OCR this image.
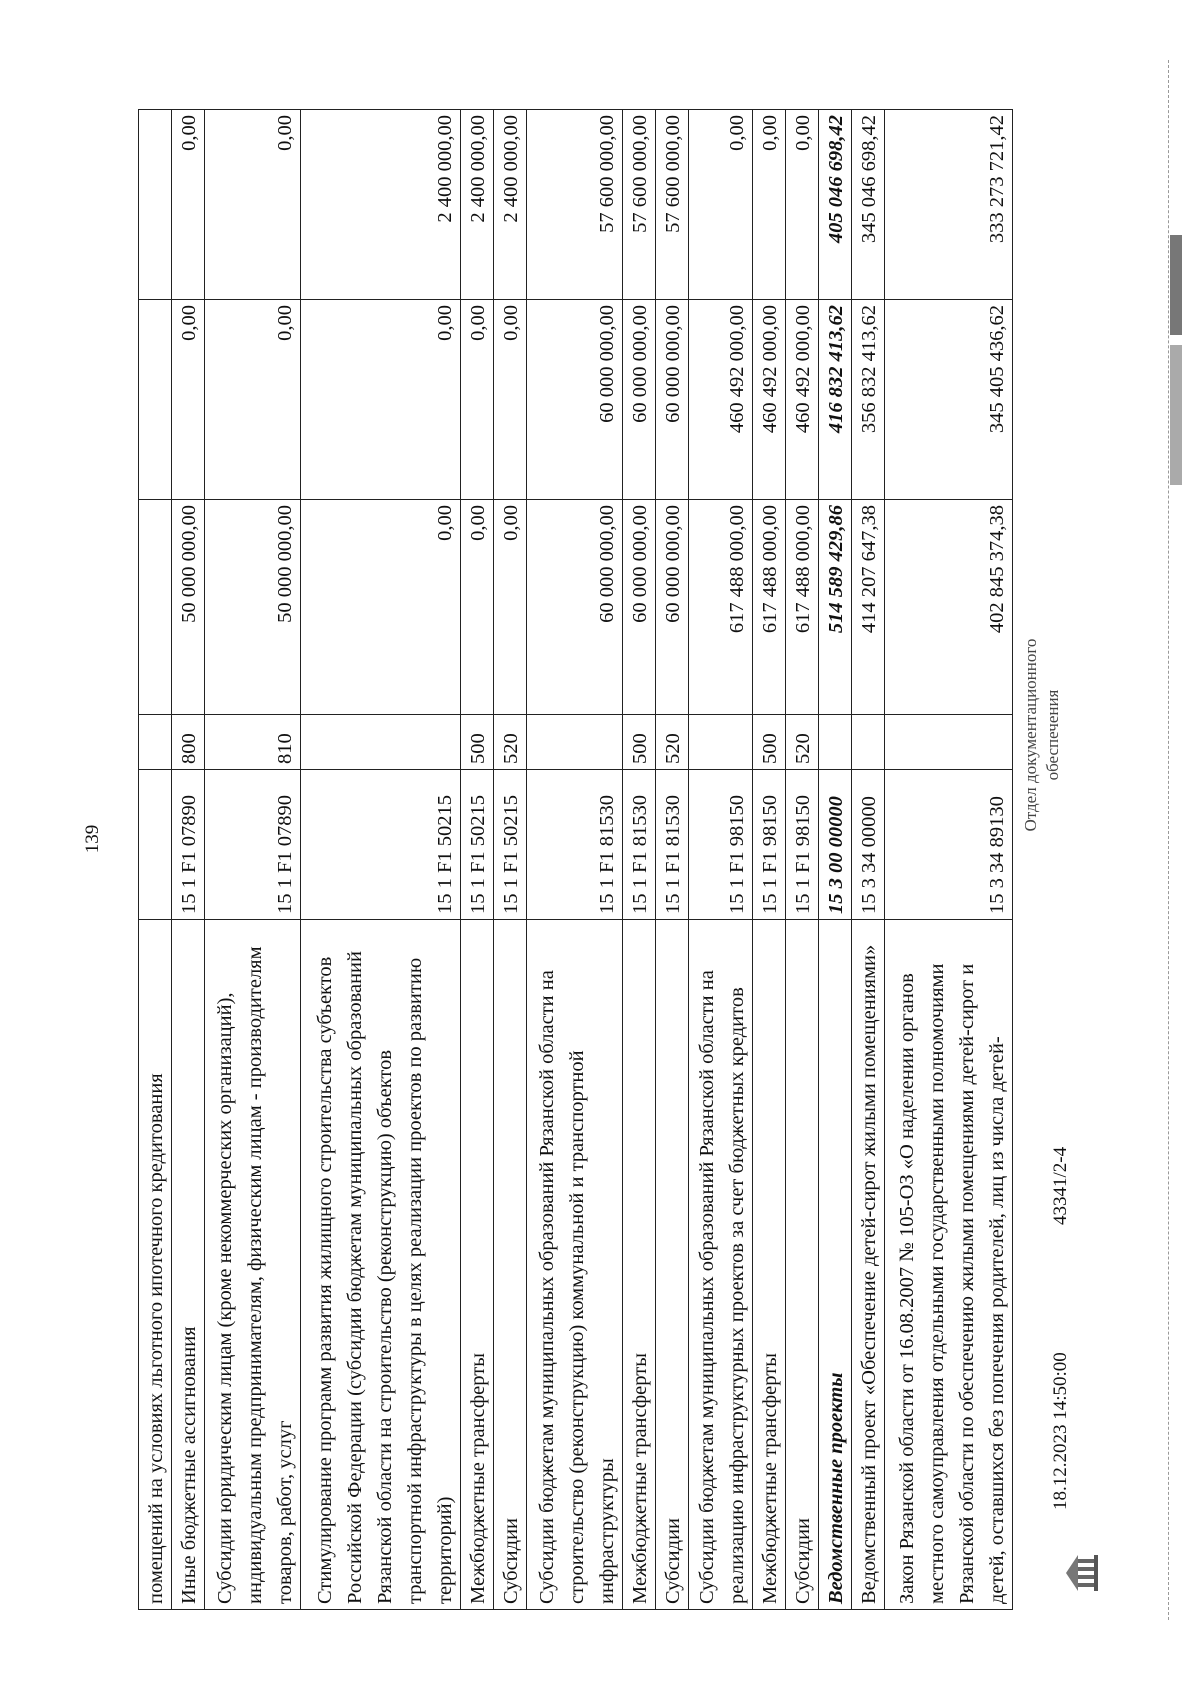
139
помещений на условиях льготного ипотечного кредитования					
Иные бюджетные ассигнования	15 1 F1 07890	800	50 000 000,00	0,00	0,00
Субсидии юридическим лицам (кроме некоммерческих организаций), индивидуальным предпринимателям, физическим лицам - производителям товаров, работ, услуг	15 1 F1 07890	810	50 000 000,00	0,00	0,00
Стимулирование программ развития жилищного строительства субъектов Российской Федерации (субсидии бюджетам муниципальных образований Рязанской области на строительство (реконструкцию) объектов транспортной инфраструктуры в целях реализации проектов по развитию территорий)	15 1 F1 50215		0,00	0,00	2 400 000,00
Межбюджетные трансферты	15 1 F1 50215	500	0,00	0,00	2 400 000,00
Субсидии	15 1 F1 50215	520	0,00	0,00	2 400 000,00
Субсидии бюджетам муниципальных образований Рязанской области на строительство (реконструкцию) коммунальной и транспортной инфраструктуры	15 1 F1 81530		60 000 000,00	60 000 000,00	57 600 000,00
Межбюджетные трансферты	15 1 F1 81530	500	60 000 000,00	60 000 000,00	57 600 000,00
Субсидии	15 1 F1 81530	520	60 000 000,00	60 000 000,00	57 600 000,00
Субсидии бюджетам муниципальных образований Рязанской области на реализацию инфраструктурных проектов за счет бюджетных кредитов	15 1 F1 98150		617 488 000,00	460 492 000,00	0,00
Межбюджетные трансферты	15 1 F1 98150	500	617 488 000,00	460 492 000,00	0,00
Субсидии	15 1 F1 98150	520	617 488 000,00	460 492 000,00	0,00
Ведомственные проекты	15 3 00 00000		514 589 429,86	416 832 413,62	405 046 698,42
Ведомственный проект «Обеспечение детей-сирот жилыми помещениями»	15 3 34 00000		414 207 647,38	356 832 413,62	345 046 698,42
Закон Рязанской области от 16.08.2007 № 105-ОЗ «О наделении органов местного самоуправления отдельными государственными полномочиями Рязанской области по обеспечению жилыми помещениями детей-сирот и детей, оставшихся без попечения родителей, лиц из числа детей-	15 3 34 89130		402 845 374,38	345 405 436,62	333 273 721,42
18.12.2023 14:50:00
43341/2-4
Отдел документационного обеспечения
